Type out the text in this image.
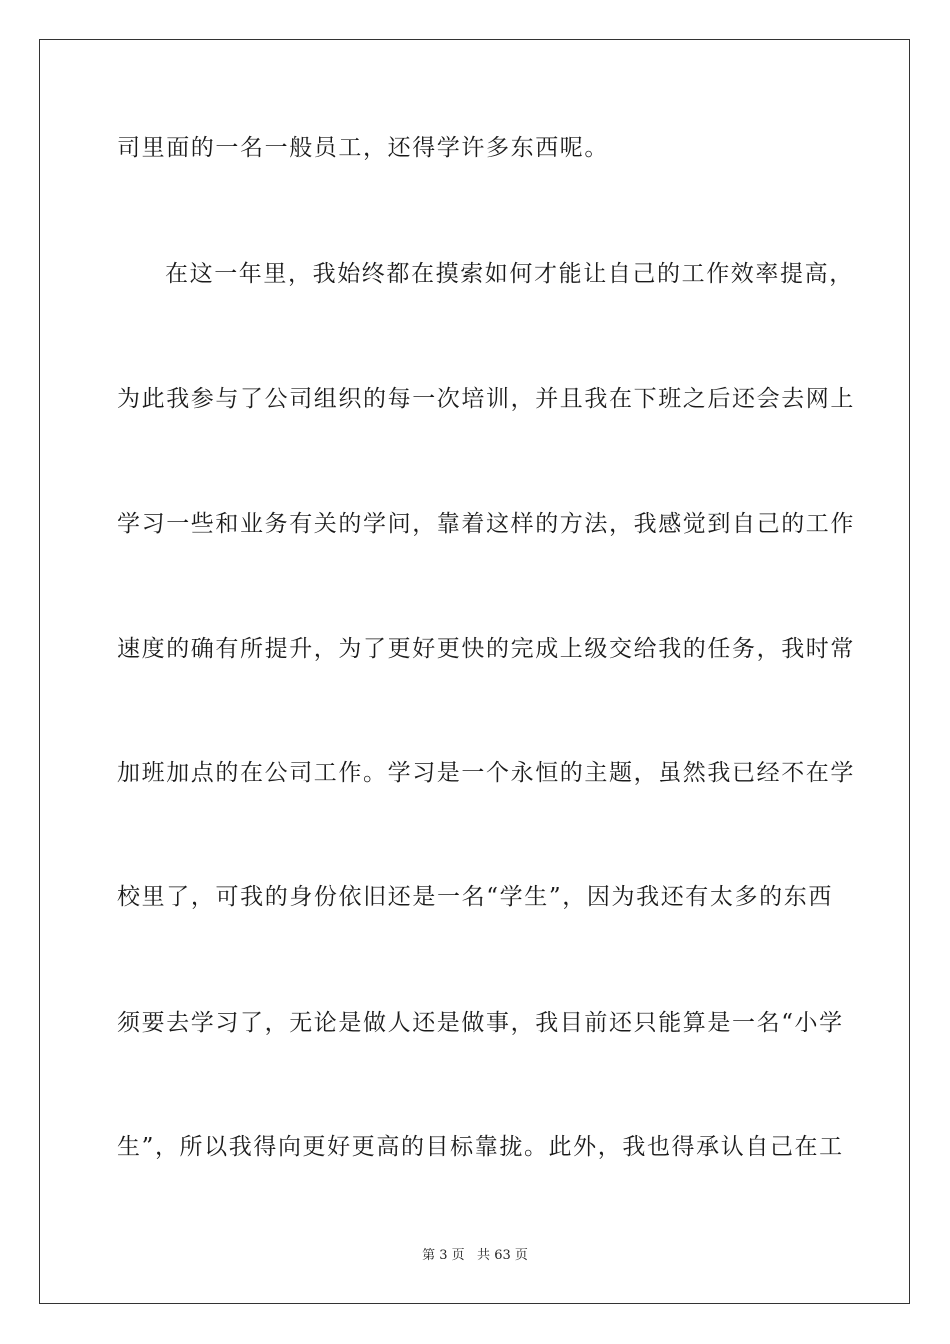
司里面的一名一般员工，还得学许多东西呢。
在这一年里，我始终都在摸索如何才能让自己的工作效率提高，
为此我参与了公司组织的每一次培训，并且我在下班之后还会去网上
学习一些和业务有关的学问，靠着这样的方法，我感觉到自己的工作
速度的确有所提升，为了更好更快的完成上级交给我的任务，我时常
加班加点的在公司工作。学习是一个永恒的主题，虽然我已经不在学
校里了，可我的身份依旧还是一名“学生”，因为我还有太多的东西
须要去学习了，无论是做人还是做事，我目前还只能算是一名“小学
生”，所以我得向更好更高的目标靠拢。此外，我也得承认自己在工
第 3 页   共 63 页
